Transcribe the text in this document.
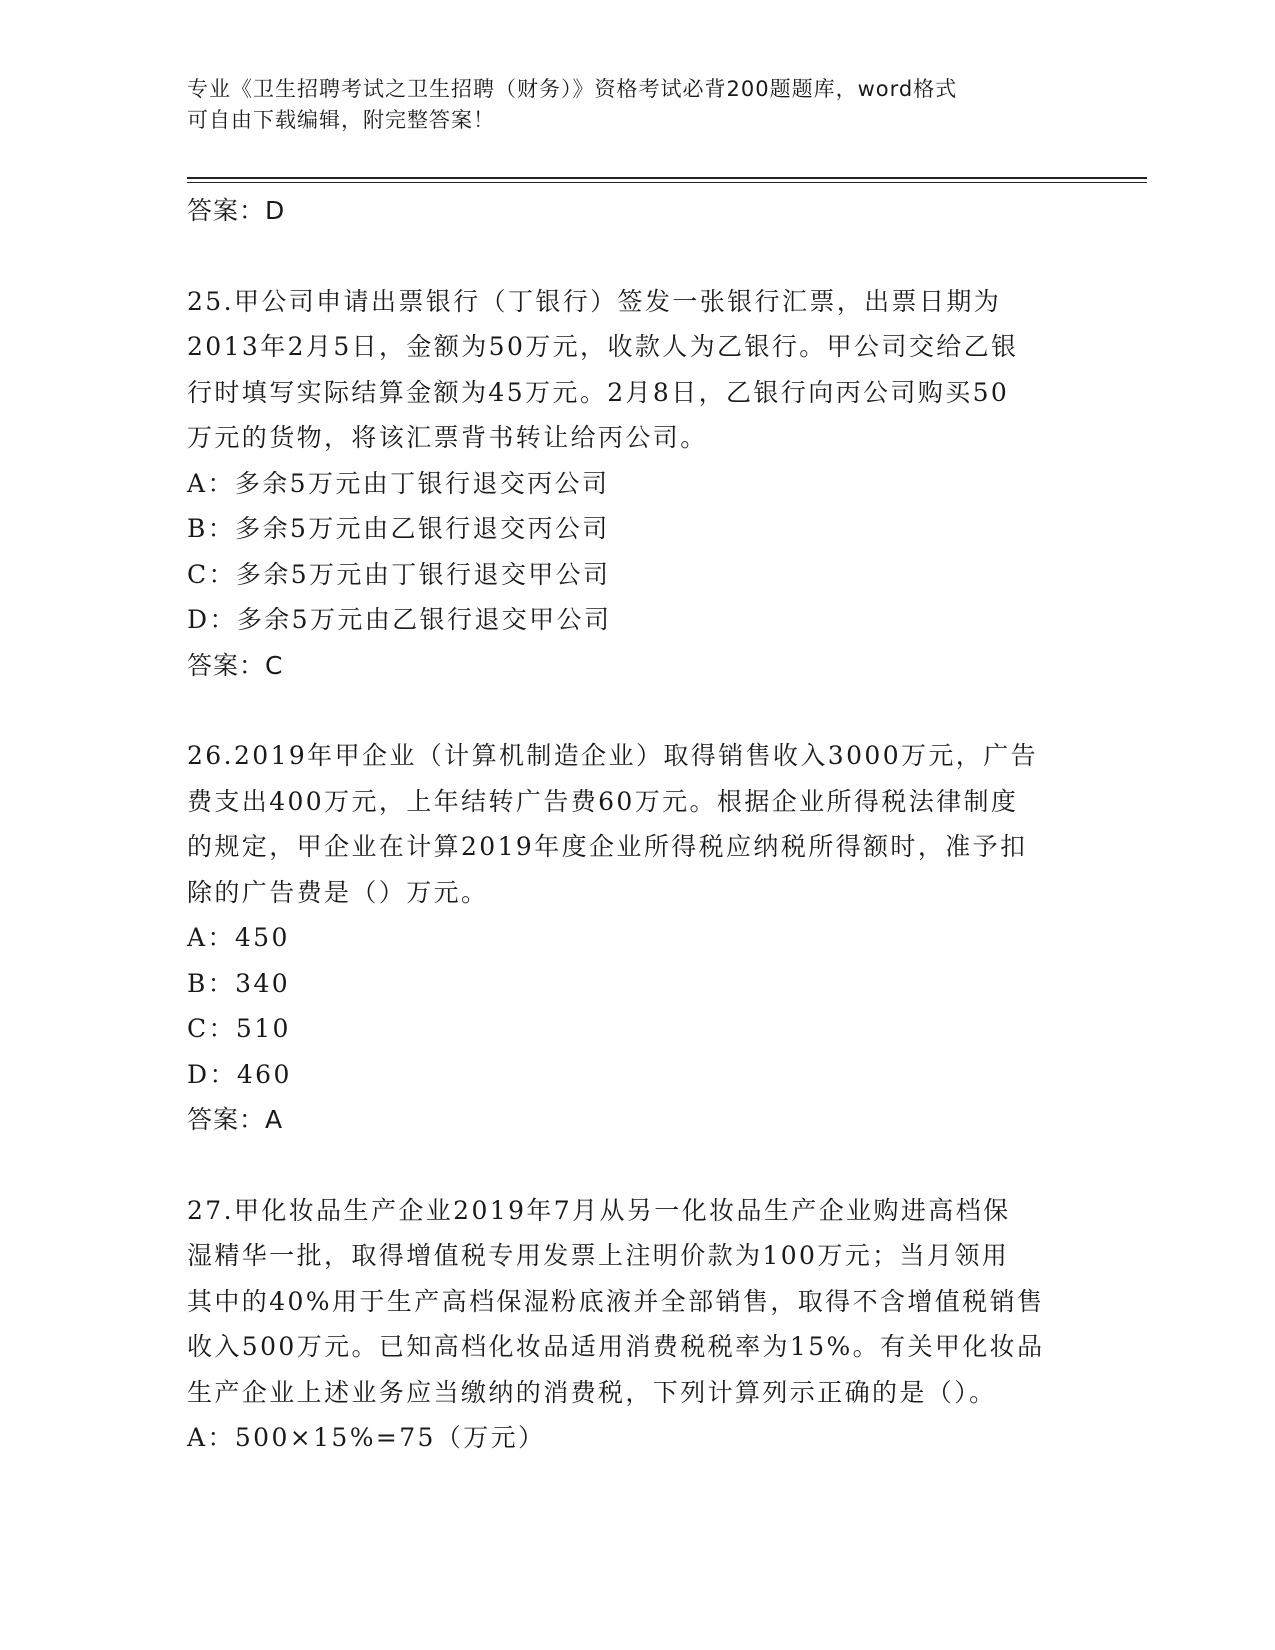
专业《卫生招聘考试之卫生招聘（财务）》资格考试必背200题题库，word格式
可自由下载编辑，附完整答案！
答案：D
25.甲公司申请出票银行（丁银行）签发一张银行汇票，出票日期为
2013年2月5日，金额为50万元，收款人为乙银行。甲公司交给乙银
行时填写实际结算金额为45万元。2月8日，乙银行向丙公司购买50
万元的货物，将该汇票背书转让给丙公司。
A：多余5万元由丁银行退交丙公司
B：多余5万元由乙银行退交丙公司
C：多余5万元由丁银行退交甲公司
D：多余5万元由乙银行退交甲公司
答案：C
26.2019年甲企业（计算机制造企业）取得销售收入3000万元，广告
费支出400万元，上年结转广告费60万元。根据企业所得税法律制度
的规定，甲企业在计算2019年度企业所得税应纳税所得额时，准予扣
除的广告费是（）万元。
A：450
B：340
C：510
D：460
答案：A
27.甲化妆品生产企业2019年7月从另一化妆品生产企业购进高档保
湿精华一批，取得增值税专用发票上注明价款为100万元；当月领用
其中的40%用于生产高档保湿粉底液并全部销售，取得不含增值税销售
收入500万元。已知高档化妆品适用消费税税率为15%。有关甲化妆品
生产企业上述业务应当缴纳的消费税，下列计算列示正确的是（）。
A：500×15%=75（万元）
